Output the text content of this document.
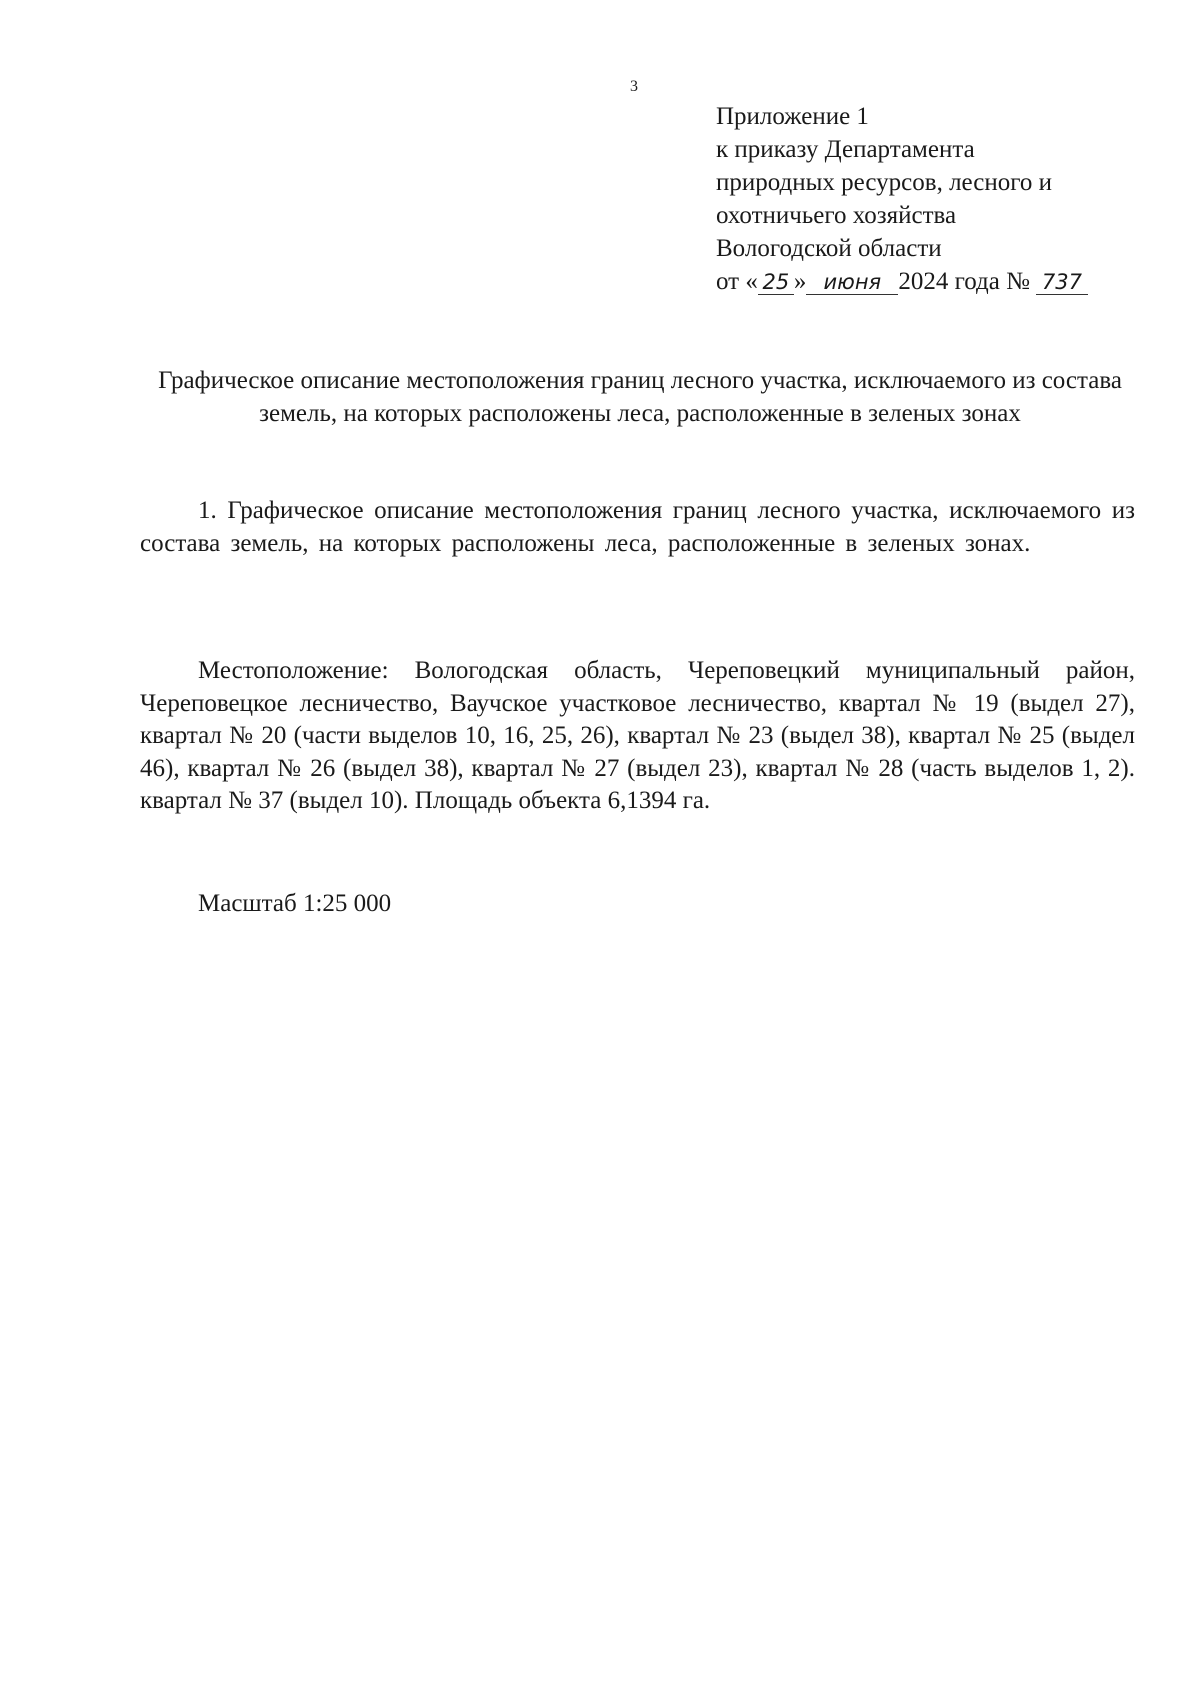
3
Приложение 1
к приказу Департамента
природных ресурсов, лесного и
охотничьего хозяйства
Вологодской области
от « 25 » июня 2024 года № 737
Графическое описание местоположения границ лесного участка, исключаемого из состава земель, на которых расположены леса, расположенные в зеленых зонах

1. Графическое описание местоположения границ лесного участка, исключаемого из состава земель, на которых расположены леса, расположенные в зеленых зонах.

Местоположение: Вологодская область, Череповецкий муниципальный район, Череповецкое лесничество, Ваучское участковое лесничество, квартал № 19 (выдел 27), квартал № 20 (части выделов 10, 16, 25, 26), квартал № 23 (выдел 38), квартал № 25 (выдел 46), квартал № 26 (выдел 38), квартал № 27 (выдел 23), квартал № 28 (часть выделов 1, 2). квартал № 37 (выдел 10). Площадь объекта 6,1394 га.

Масштаб 1:25 000
